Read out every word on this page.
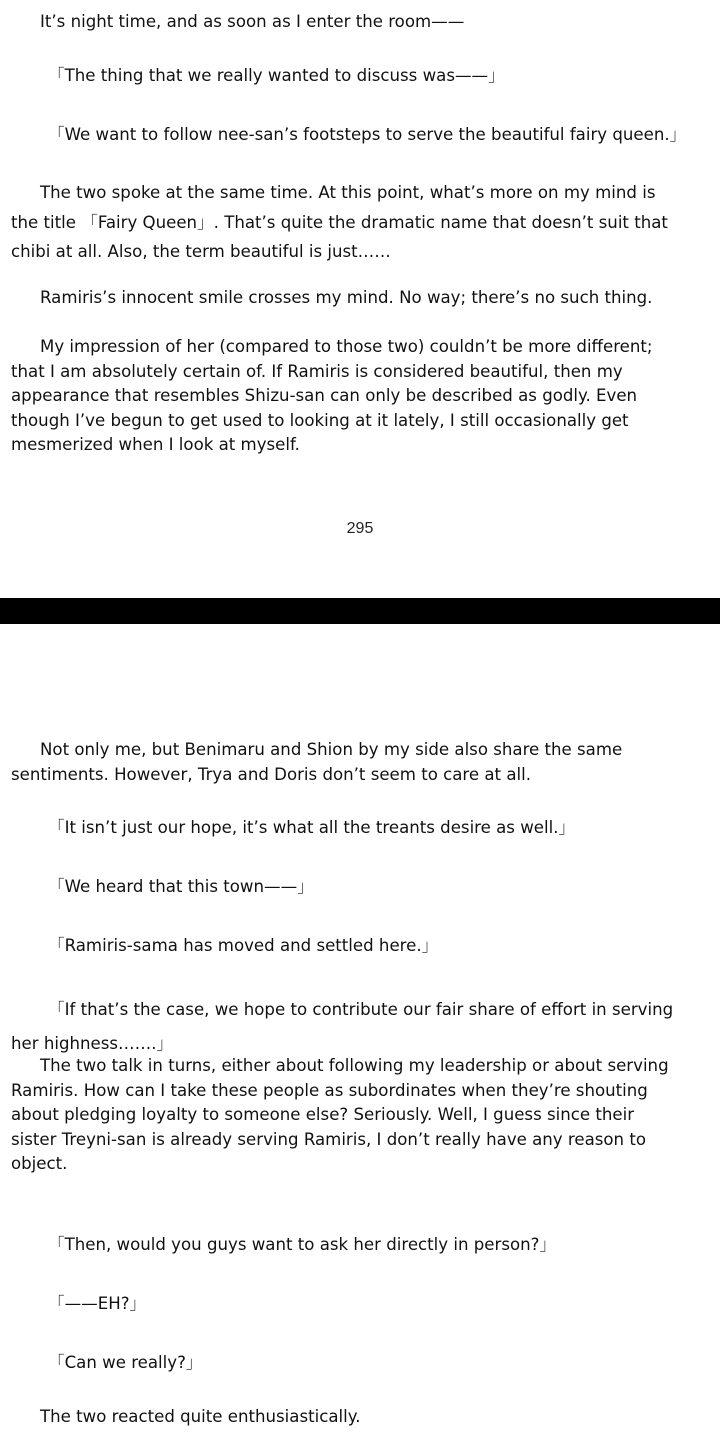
It’s night time, and as soon as I enter the room——

「The thing that we really wanted to discuss was——」

「We want to follow nee-san’s footsteps to serve the beautiful fairy queen.」

The two spoke at the same time. At this point, what’s more on my mind is
the title 「Fairy Queen」. That’s quite the dramatic name that doesn’t suit that
chibi at all. Also, the term beautiful is just……

Ramiris’s innocent smile crosses my mind. No way; there’s no such thing.

My impression of her (compared to those two) couldn’t be more different;
that I am absolutely certain of. If Ramiris is considered beautiful, then my
appearance that resembles Shizu-san can only be described as godly. Even
though I’ve begun to get used to looking at it lately, I still occasionally get
mesmerized when I look at myself.

295

Not only me, but Benimaru and Shion by my side also share the same
sentiments. However, Trya and Doris don’t seem to care at all.

「It isn’t just our hope, it’s what all the treants desire as well.」

「We heard that this town——」

「Ramiris-sama has moved and settled here.」

「If that’s the case, we hope to contribute our fair share of effort in serving
her highness…….」

The two talk in turns, either about following my leadership or about serving
Ramiris. How can I take these people as subordinates when they’re shouting
about pledging loyalty to someone else? Seriously. Well, I guess since their
sister Treyni-san is already serving Ramiris, I don’t really have any reason to
object.

「Then, would you guys want to ask her directly in person?」

「——EH?」

「Can we really?」

The two reacted quite enthusiastically.
